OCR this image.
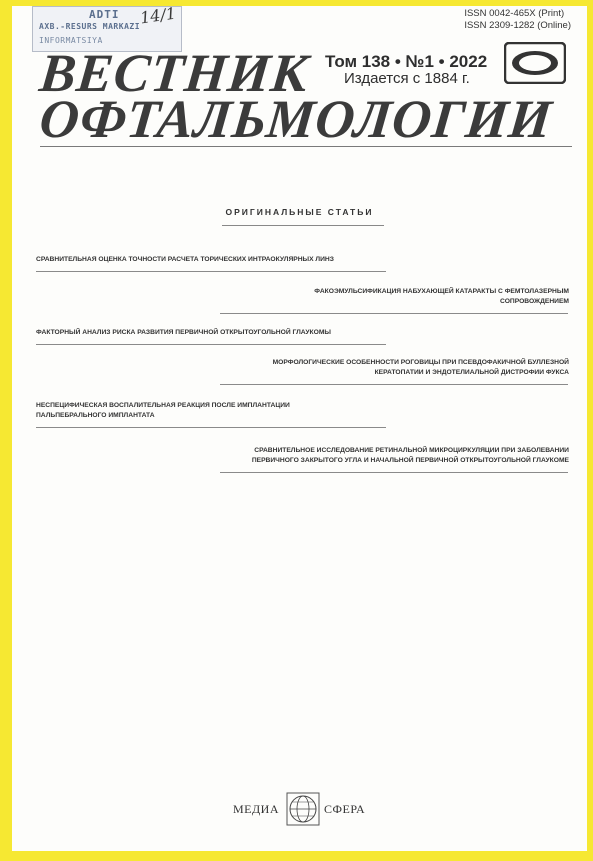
ADTI
AXB.-RESURS MARKAZI
INFORMATSIYA
14/1	ISSN 0042-465X (Print)
ISSN 2309-1282 (Online)
ВЕСТНИК
ОФТАЛЬМОЛОГИИ
Том 138 • №1 • 2022
Издается с 1884 г.
ОРИГИНАЛЬНЫЕ СТАТЬИ
СРАВНИТЕЛЬНАЯ ОЦЕНКА ТОЧНОСТИ РАСЧЕТА ТОРИЧЕСКИХ ИНТРАОКУЛЯРНЫХ ЛИНЗ
ФАКОЭМУЛЬСИФИКАЦИЯ НАБУХАЮЩЕЙ КАТАРАКТЫ С ФЕМТОЛАЗЕРНЫМ
СОПРОВОЖДЕНИЕМ
ФАКТОРНЫЙ АНАЛИЗ РИСКА РАЗВИТИЯ ПЕРВИЧНОЙ ОТКРЫТОУГОЛЬНОЙ ГЛАУКОМЫ
МОРФОЛОГИЧЕСКИЕ ОСОБЕННОСТИ РОГОВИЦЫ ПРИ ПСЕВДОФАКИЧНОЙ БУЛЛЕЗНОЙ
КЕРАТОПАТИИ И ЭНДОТЕЛИАЛЬНОЙ ДИСТРОФИИ ФУКСА
НЕСПЕЦИФИЧЕСКАЯ ВОСПАЛИТЕЛЬНАЯ РЕАКЦИЯ ПОСЛЕ ИМПЛАНТАЦИИ
ПАЛЬПЕБРАЛЬНОГО ИМПЛАНТАТА
СРАВНИТЕЛЬНОЕ ИССЛЕДОВАНИЕ РЕТИНАЛЬНОЙ МИКРОЦИРКУЛЯЦИИ ПРИ ЗАБОЛЕВАНИИ
ПЕРВИЧНОГО ЗАКРЫТОГО УГЛА И НАЧАЛЬНОЙ ПЕРВИЧНОЙ ОТКРЫТОУГОЛЬНОЙ ГЛАУКОМЕ
МЕДИА	СФЕРА
